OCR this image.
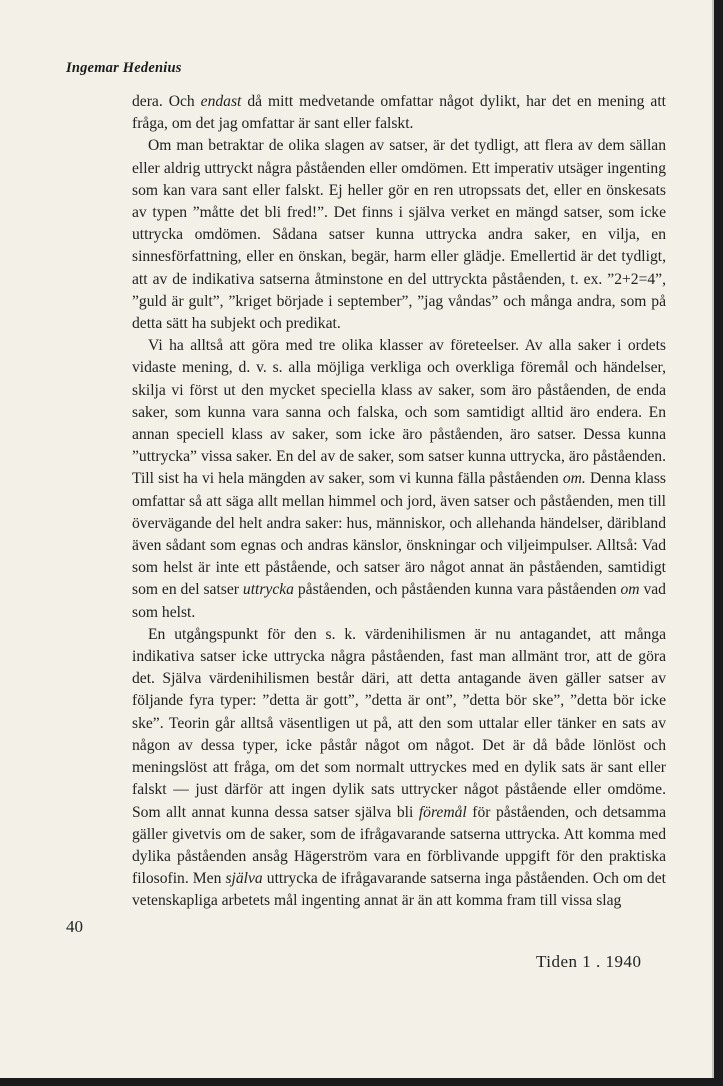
Ingemar Hedenius

dera. Och endast då mitt medvetande omfattar något dylikt, har det en mening att fråga, om det jag omfattar är sant eller falskt.

Om man betraktar de olika slagen av satser, är det tydligt, att flera av dem sällan eller aldrig uttryckt några påståenden eller omdömen. Ett imperativ utsäger ingenting som kan vara sant eller falskt. Ej heller gör en ren utropssats det, eller en önskesats av typen ”måtte det bli fred!”. Det finns i själva verket en mängd satser, som icke uttrycka omdömen. Sådana satser kunna uttrycka andra saker, en vilja, en sinnesförfattning, eller en önskan, begär, harm eller glädje. Emellertid är det tydligt, att av de indikativa satserna åtminstone en del uttryckta påståenden, t. ex. ”2+2=4”, ”guld är gult”, ”kriget började i september”, ”jag våndas” och många andra, som på detta sätt ha subjekt och predikat.

Vi ha alltså att göra med tre olika klasser av företeelser. Av alla saker i ordets vidaste mening, d. v. s. alla möjliga verkliga och overkliga föremål och händelser, skilja vi först ut den mycket speciella klass av saker, som äro påståenden, de enda saker, som kunna vara sanna och falska, och som samtidigt alltid äro endera. En annan speciell klass av saker, som icke äro påståenden, äro satser. Dessa kunna ”uttrycka” vissa saker. En del av de saker, som satser kunna uttrycka, äro påståenden. Till sist ha vi hela mängden av saker, som vi kunna fälla påståenden om. Denna klass omfattar så att säga allt mellan himmel och jord, även satser och påståenden, men till övervägande del helt andra saker: hus, människor, och allehanda händelser, däribland även sådant som egnas och andras känslor, önskningar och viljeimpulser. Alltså: Vad som helst är inte ett påstående, och satser äro något annat än påståenden, samtidigt som en del satser uttrycka påståenden, och påståenden kunna vara påståenden om vad som helst.

En utgångspunkt för den s. k. värdenihilismen är nu antagandet, att många indikativa satser icke uttrycka några påståenden, fast man allmänt tror, att de göra det. Själva värdenihilismen består däri, att detta antagande även gäller satser av följande fyra typer: ”detta är gott”, ”detta är ont”, ”detta bör ske”, ”detta bör icke ske”. Teorin går alltså väsentligen ut på, att den som uttalar eller tänker en sats av någon av dessa typer, icke påstår något om något. Det är då både lönlöst och meningslöst att fråga, om det som normalt uttryckes med en dylik sats är sant eller falskt — just därför att ingen dylik sats uttrycker något påstående eller omdöme. Som allt annat kunna dessa satser själva bli föremål för påståenden, och detsamma gäller givetvis om de saker, som de ifrågavarande satserna uttrycka. Att komma med dylika påståenden ansåg Hägerström vara en förblivande uppgift för den praktiska filosofin. Men själva uttrycka de ifrågavarande satserna inga påståenden. Och om det vetenskapliga arbetets mål ingenting annat är än att komma fram till vissa slag

40
Tiden 1 . 1940
